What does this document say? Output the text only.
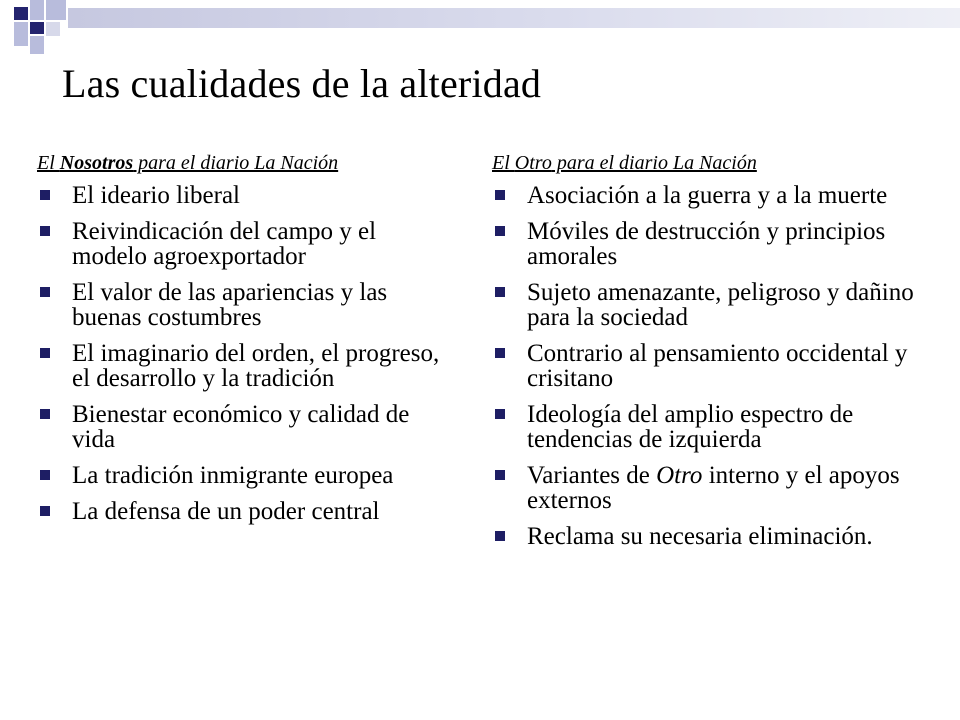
Las cualidades de la alteridad
El Nosotros para el diario La Nación
El ideario liberal
Reivindicación del campo y el modelo agroexportador
El valor de las apariencias y las buenas costumbres
El imaginario del orden, el progreso, el desarrollo y la tradición
Bienestar económico y calidad de vida
La tradición inmigrante europea
La defensa de un poder central
El Otro para el diario La Nación
Asociación a la guerra y a la muerte
Móviles de destrucción y principios amorales
Sujeto amenazante, peligroso y dañino para la sociedad
Contrario al pensamiento occidental y crisitano
Ideología del amplio espectro de tendencias de izquierda
Variantes de Otro interno y el apoyos externos
Reclama su necesaria eliminación.
